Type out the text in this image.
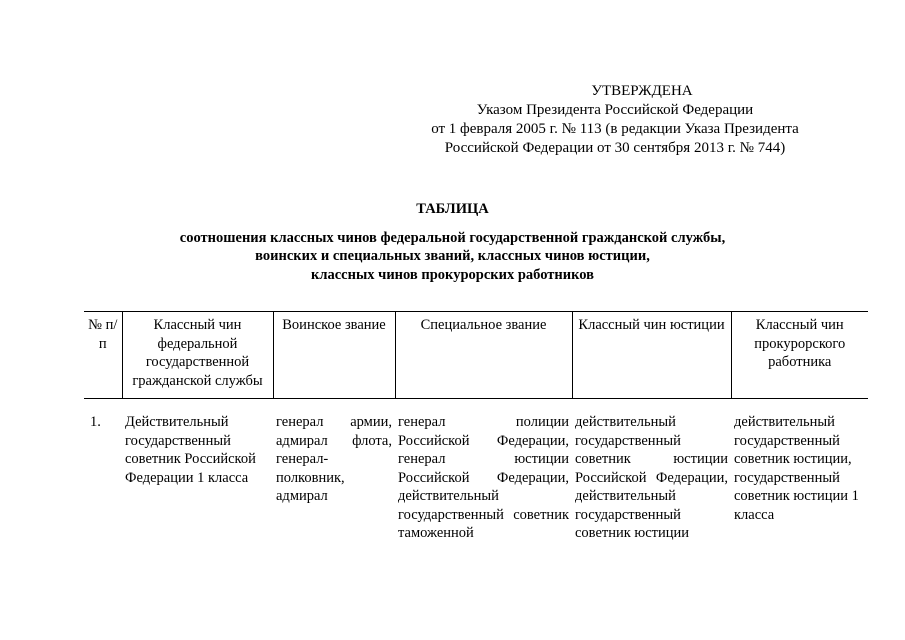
УТВЕРЖДЕНА
Указом Президента Российской Федерации
от 1 февраля 2005 г. № 113 (в редакции Указа Президента
Российской Федерации от 30 сентября 2013 г. № 744)
ТАБЛИЦА
соотношения классных чинов федеральной государственной гражданской службы,
воинских и специальных званий, классных чинов юстиции,
классных чинов прокурорских работников
№ п/п	Классный чин федеральной государственной гражданской службы	Воинское звание	Специальное звание	Классный чин юстиции	Классный чин прокурорского работника
1.	Действительный государственный советник Российской Федерации 1 класса	генерал армии, адмирал флота, генерал-полковник, адмирал	генерал полиции Российской Федерации, генерал юстиции Российской Федерации, действительный государственный советник таможенной	действительный государственный советник юстиции Российской Федерации, действительный государственный советник юстиции	действительный государственный советник юстиции, государственный советник юстиции 1 класса
